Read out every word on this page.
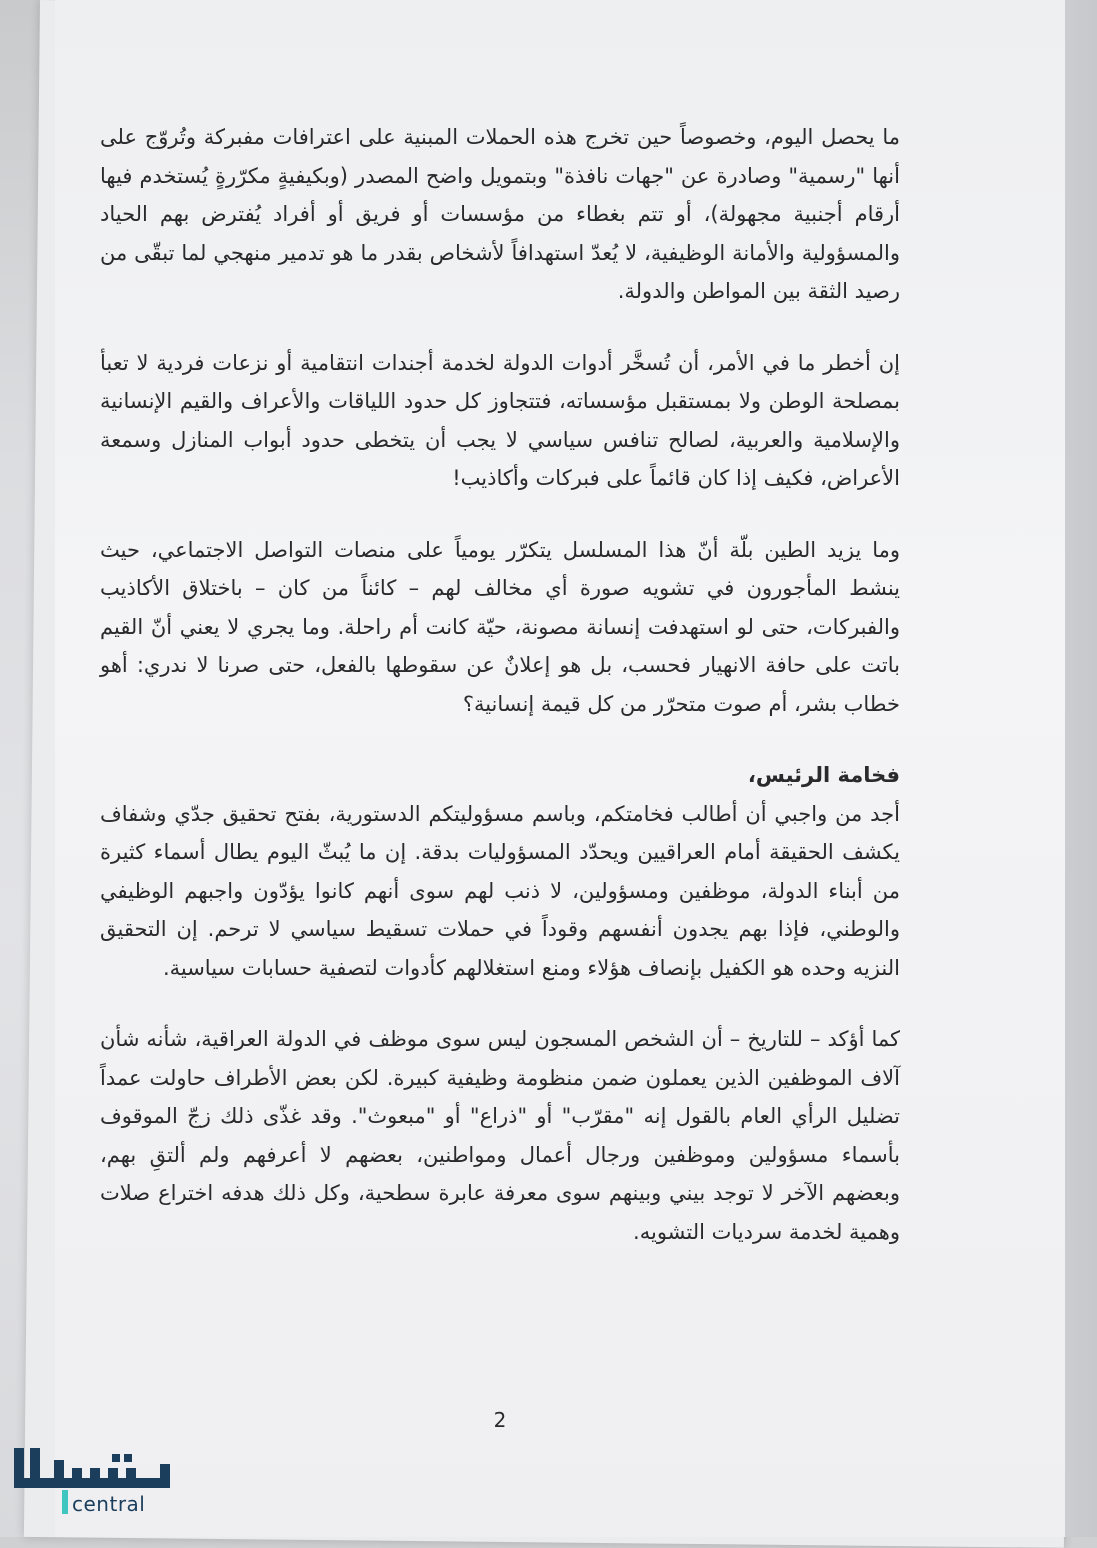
ما يحصل اليوم، وخصوصاً حين تخرج هذه الحملات المبنية على اعترافات مفبركة وتُروّج على أنها "رسمية" وصادرة عن "جهات نافذة" وبتمويل واضح المصدر (وبكيفيةٍ مكرّرةٍ يُستخدم فيها أرقام أجنبية مجهولة)، أو تتم بغطاء من مؤسسات أو فريق أو أفراد يُفترض بهم الحياد والمسؤولية والأمانة الوظيفية، لا يُعدّ استهدافاً لأشخاص بقدر ما هو تدمير منهجي لما تبقّى من رصيد الثقة بين المواطن والدولة.

إن أخطر ما في الأمر، أن تُسخَّر أدوات الدولة لخدمة أجندات انتقامية أو نزعات فردية لا تعبأ بمصلحة الوطن ولا بمستقبل مؤسساته، فتتجاوز كل حدود اللياقات والأعراف والقيم الإنسانية والإسلامية والعربية، لصالح تنافس سياسي لا يجب أن يتخطى حدود أبواب المنازل وسمعة الأعراض، فكيف إذا كان قائماً على فبركات وأكاذيب!

وما يزيد الطين بلّة أنّ هذا المسلسل يتكرّر يومياً على منصات التواصل الاجتماعي، حيث ينشط المأجورون في تشويه صورة أي مخالف لهم – كائناً من كان – باختلاق الأكاذيب والفبركات، حتى لو استهدفت إنسانة مصونة، حيّة كانت أم راحلة. وما يجري لا يعني أنّ القيم باتت على حافة الانهيار فحسب، بل هو إعلانٌ عن سقوطها بالفعل، حتى صرنا لا ندري: أهو خطاب بشر، أم صوت متحرّر من كل قيمة إنسانية؟

فخامة الرئيس،

أجد من واجبي أن أطالب فخامتكم، وباسم مسؤوليتكم الدستورية، بفتح تحقيق جدّي وشفاف يكشف الحقيقة أمام العراقيين ويحدّد المسؤوليات بدقة. إن ما يُبثّ اليوم يطال أسماء كثيرة من أبناء الدولة، موظفين ومسؤولين، لا ذنب لهم سوى أنهم كانوا يؤدّون واجبهم الوظيفي والوطني، فإذا بهم يجدون أنفسهم وقوداً في حملات تسقيط سياسي لا ترحم. إن التحقيق النزيه وحده هو الكفيل بإنصاف هؤلاء ومنع استغلالهم كأدوات لتصفية حسابات سياسية.

كما أؤكد – للتاريخ – أن الشخص المسجون ليس سوى موظف في الدولة العراقية، شأنه شأن آلاف الموظفين الذين يعملون ضمن منظومة وظيفية كبيرة. لكن بعض الأطراف حاولت عمداً تضليل الرأي العام بالقول إنه "مقرّب" أو "ذراع" أو "مبعوث". وقد غذّى ذلك زجّ الموقوف بأسماء مسؤولين وموظفين ورجال أعمال ومواطنين، بعضهم لا أعرفهم ولم ألتقِ بهم، وبعضهم الآخر لا توجد بيني وبينهم سوى معرفة عابرة سطحية، وكل ذلك هدفه اختراع صلات وهمية لخدمة سرديات التشويه.

2
central
